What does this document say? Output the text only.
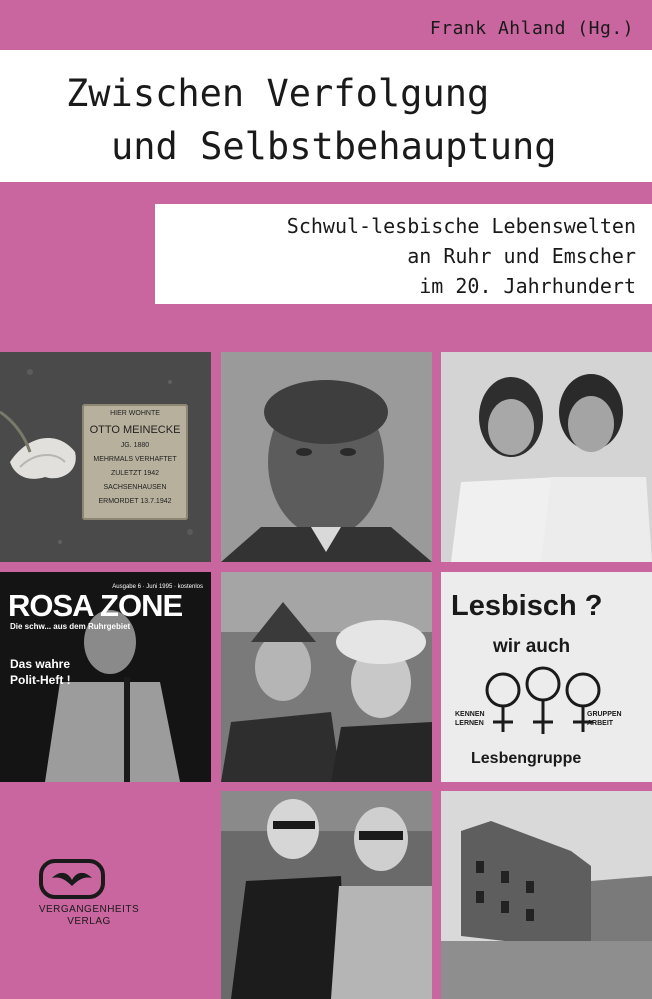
Frank Ahland (Hg.)
Zwischen Verfolgung
und Selbstbehauptung
Schwul-lesbische Lebenswelten
an Ruhr und Emscher
im 20. Jahrhundert
HIER WOHNTE
OTTO MEINECKE
JG. 1880
MEHRMALS VERHAFTET
ZULETZT 1942
SACHSENHAUSEN
ERMORDET 13.7.1942
ROSA ZONE
Ausgabe 6 · Juni 1995 · kostenlos
Die schw... aus dem Ruhrgebiet
Das wahre Polit-Heft !
Lesbisch ?
wir auch
KENNEN LERNEN
GRUPPEN ARBEIT
Lesbengruppe
VERGANGENHEITS
VERLAG
